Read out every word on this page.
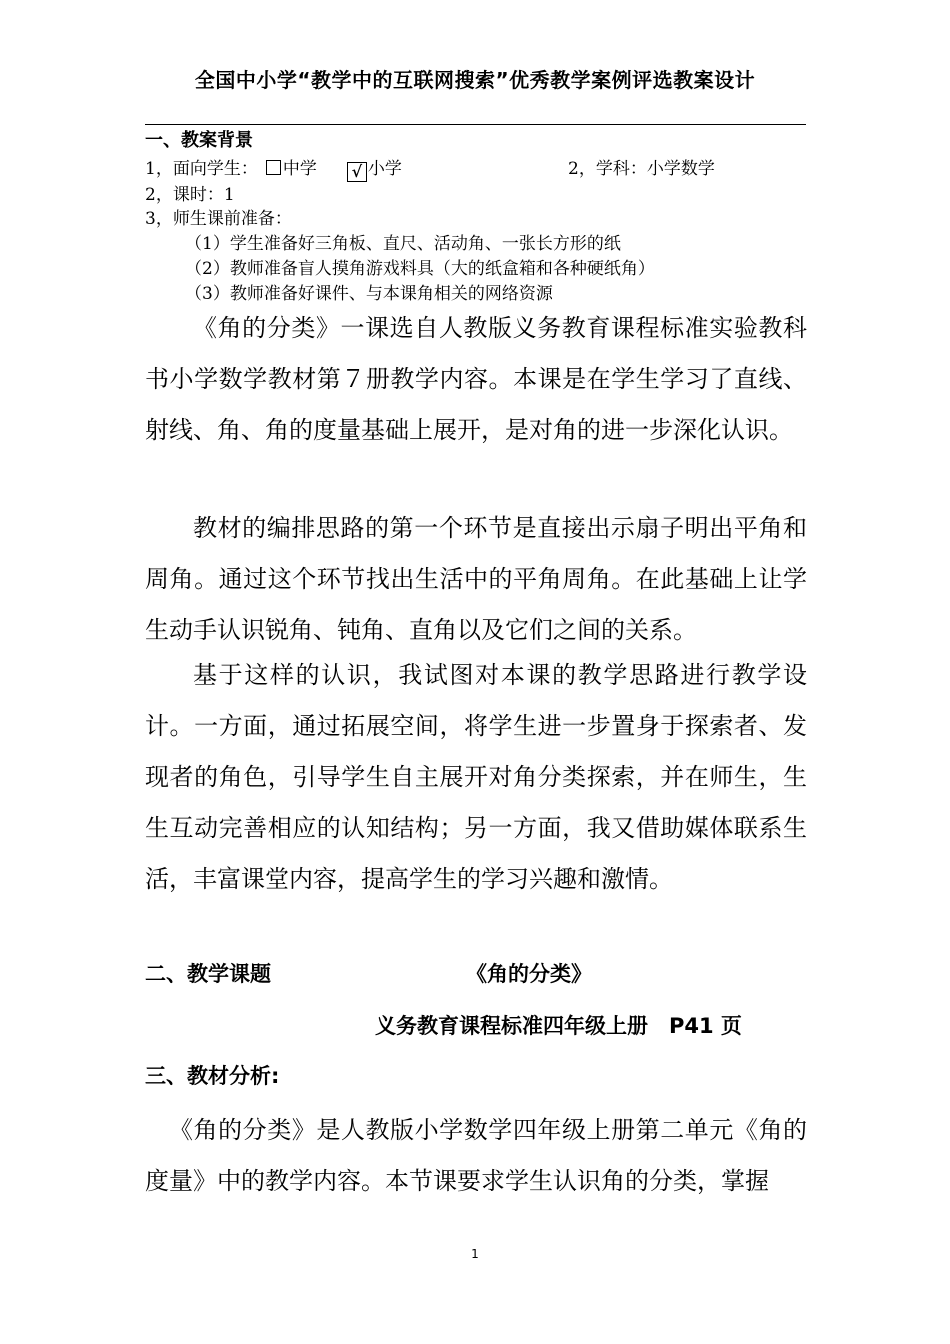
全国中小学“教学中的互联网搜索”优秀教学案例评选教案设计
一、教案背景
1，面向学生： 中学 √ 小学	2，学科：小学数学
2，课时：1
3，师生课前准备：
（1）学生准备好三角板、直尺、活动角、一张长方形的纸
（2）教师准备盲人摸角游戏料具（大的纸盒箱和各种硬纸角）
（3）教师准备好课件、与本课角相关的网络资源

《角的分类》一课选自人教版义务教育课程标准实验教科书小学数学教材第７册教学内容。本课是在学生学习了直线、射线、角、角的度量基础上展开，是对角的进一步深化认识。

教材的编排思路的第一个环节是直接出示扇子明出平角和周角。通过这个环节找出生活中的平角周角。在此基础上让学生动手认识锐角、钝角、直角以及它们之间的关系。

基于这样的认识，我试图对本课的教学思路进行教学设计。一方面，通过拓展空间，将学生进一步置身于探索者、发现者的角色，引导学生自主展开对角分类探索，并在师生，生生互动完善相应的认知结构；另一方面，我又借助媒体联系生活，丰富课堂内容，提高学生的学习兴趣和激情。

二、教学课题	《角的分类》
义务教育课程标准四年级上册　P41 页
三、教材分析:

《角的分类》是人教版小学数学四年级上册第二单元《角的度量》中的教学内容。本节课要求学生认识角的分类，掌握

1
